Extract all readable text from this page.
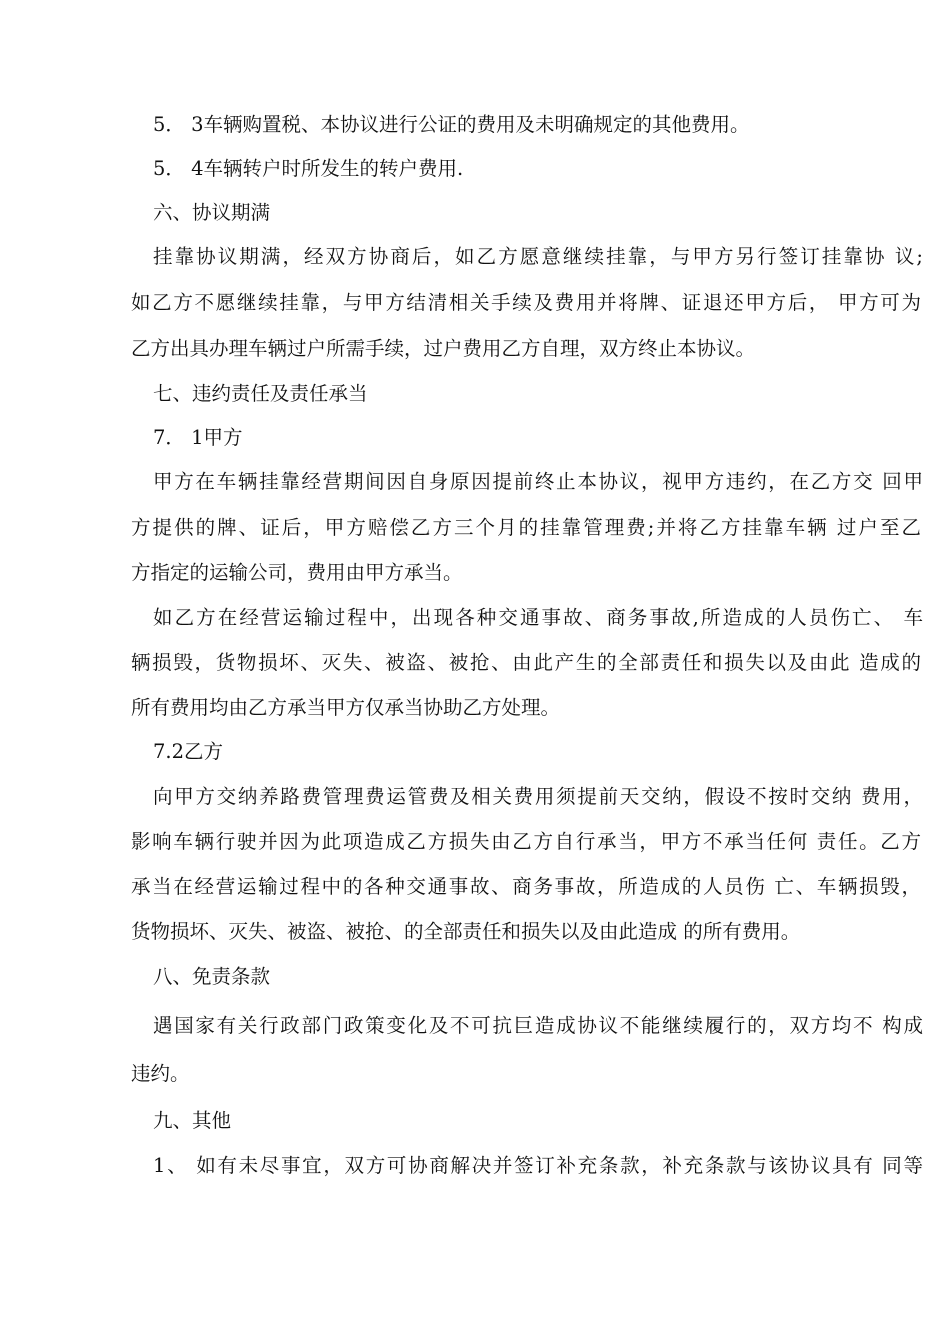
5． 3车辆购置税、本协议进行公证的费用及未明确规定的其他费用。
5． 4车辆转户时所发生的转户费用.
六、协议期满
挂靠协议期满，经双方协商后，如乙方愿意继续挂靠，与甲方另行签订挂靠协 议;
如乙方不愿继续挂靠，与甲方结清相关手续及费用并将牌、证退还甲方后， 甲方可为
乙方出具办理车辆过户所需手续，过户费用乙方自理，双方终止本协议。
七、违约责任及责任承当
7． 1甲方
甲方在车辆挂靠经营期间因自身原因提前终止本协议，视甲方违约，在乙方交 回甲
方提供的牌、证后，甲方赔偿乙方三个月的挂靠管理费;并将乙方挂靠车辆 过户至乙
方指定的运输公司，费用由甲方承当。
如乙方在经营运输过程中，出现各种交通事故、商务事故,所造成的人员伤亡、 车
辆损毁，货物损坏、灭失、被盗、被抢、由此产生的全部责任和损失以及由此 造成的
所有费用均由乙方承当甲方仅承当协助乙方处理。
7.2乙方
向甲方交纳养路费管理费运管费及相关费用须提前天交纳，假设不按时交纳 费用，
影响车辆行驶并因为此项造成乙方损失由乙方自行承当，甲方不承当任何 责任。乙方
承当在经营运输过程中的各种交通事故、商务事故，所造成的人员伤 亡、车辆损毁，
货物损坏、灭失、被盗、被抢、的全部责任和损失以及由此造成 的所有费用。
八、免责条款
遇国家有关行政部门政策变化及不可抗巨造成协议不能继续履行的，双方均不 构成
违约。
九、其他
1、 如有未尽事宜，双方可协商解决并签订补充条款，补充条款与该协议具有 同等
